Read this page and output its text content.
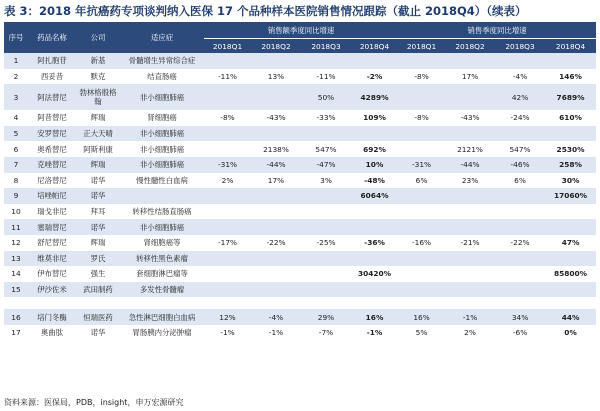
表 3：2018 年抗癌药专项谈判纳入医保 17 个品种样本医院销售情况跟踪（截止 2018Q4）（续表）
序号	药品名称	公司	适应症	销售额季度同比增速				销售季度同比增速			
				2018Q1	2018Q2	2018Q3	2018Q4	2018Q1	2018Q2	2018Q3	2018Q4
1	阿扎胞苷	新基	骨髓增生异常综合症								
2	西妥昔	默克	结直肠癌	-11%	13%	-11%	-2%	-8%	17%	-4%	146%
3	阿法替尼	勃林格殷格翰	非小细胞肺癌			50%	4289%			42%	7689%
4	阿昔替尼	辉瑞	肾细胞癌	-8%	-43%	-33%	109%	-8%	-43%	-24%	610%
5	安罗替尼	正大天晴	非小细胞肺癌								
6	奥希替尼	阿斯利康	非小细胞肺癌		2138%	547%	692%		2121%	547%	2530%
7	克唑替尼	辉瑞	非小细胞肺癌	-31%	-44%	-47%	10%	-31%	-44%	-46%	258%
8	尼洛替尼	诺华	慢性髓性白血病	2%	17%	3%	-48%	6%	23%	6%	30%
9	培唑帕尼	诺华					6064%				17060%
10	瑞戈非尼	拜耳	转移性结肠直肠癌								
11	塞瑞替尼	诺华	非小细胞肺癌								
12	舒尼替尼	辉瑞	肾细胞癌等	-17%	-22%	-25%	-36%	-16%	-21%	-22%	47%
13	维莫非尼	罗氏	转移性黑色素瘤								
14	伊布替尼	强生	套细胞淋巴瘤等				30420%				85800%
15	伊沙佐米	武田制药	多发性骨髓瘤								

16	培门冬酶	恒瑞医药	急性淋巴细胞白血病	12%	-4%	29%	16%	16%	-1%	34%	44%
17	奥曲肽	诺华	胃肠胰内分泌肿瘤	-1%	-1%	-7%	-1%	5%	2%	-6%	0%
资料来源：医保局，PDB，insight，申万宏源研究
